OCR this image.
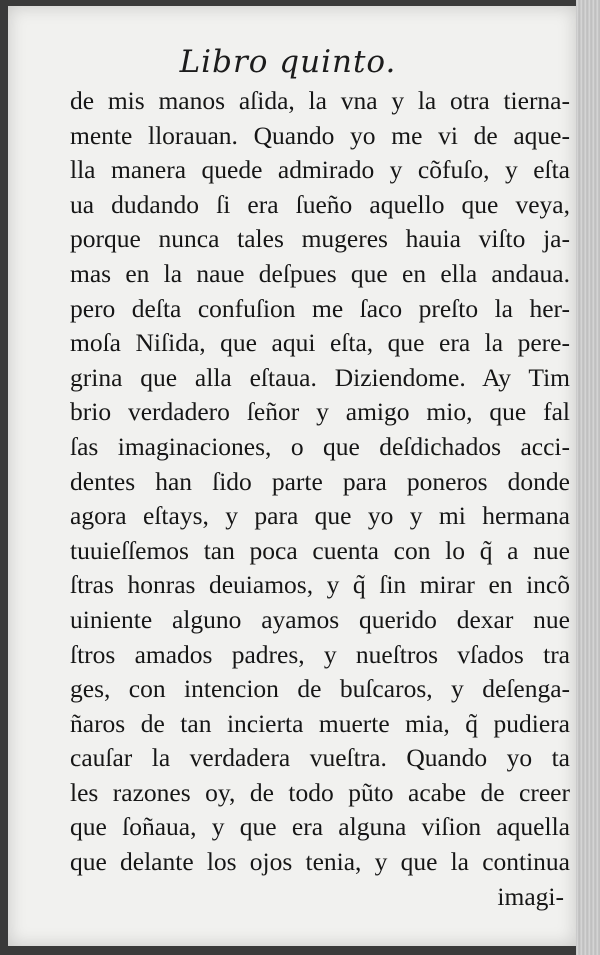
Libro quinto.
de mis manos aſida, la vna y la otra tierna-
mente llorauan. Quando yo me vi de aque-
lla manera quede admirado y cõfuſo, y eſta
ua dudando ſi era ſueño aquello que veya,
porque nunca tales mugeres hauia viſto ja-
mas en la naue deſpues que en ella andaua.
pero deſta confuſion me ſaco preſto la her-
moſa Niſida, que aqui eſta, que era la pere-
grina que alla eſtaua. Diziendome. Ay Tim
brio verdadero ſeñor y amigo mio, que fal
ſas imaginaciones, o que deſdichados acci-
dentes han ſido parte para poneros donde
agora eſtays, y para que yo y mi hermana
tuuieſſemos tan poca cuenta con lo q̃ a nue
ſtras honras deuiamos, y q̃ ſin mirar en incõ
uiniente alguno ayamos querido dexar nue
ſtros amados padres, y nueſtros vſados tra
ges, con intencion de buſcaros, y deſenga-
ñaros de tan incierta muerte mia, q̃ pudiera
cauſar la verdadera vueſtra. Quando yo ta
les razones oy, de todo pũto acabe de creer
que ſoñaua, y que era alguna viſion aquella
que delante los ojos tenia, y que la continua
imagi-
